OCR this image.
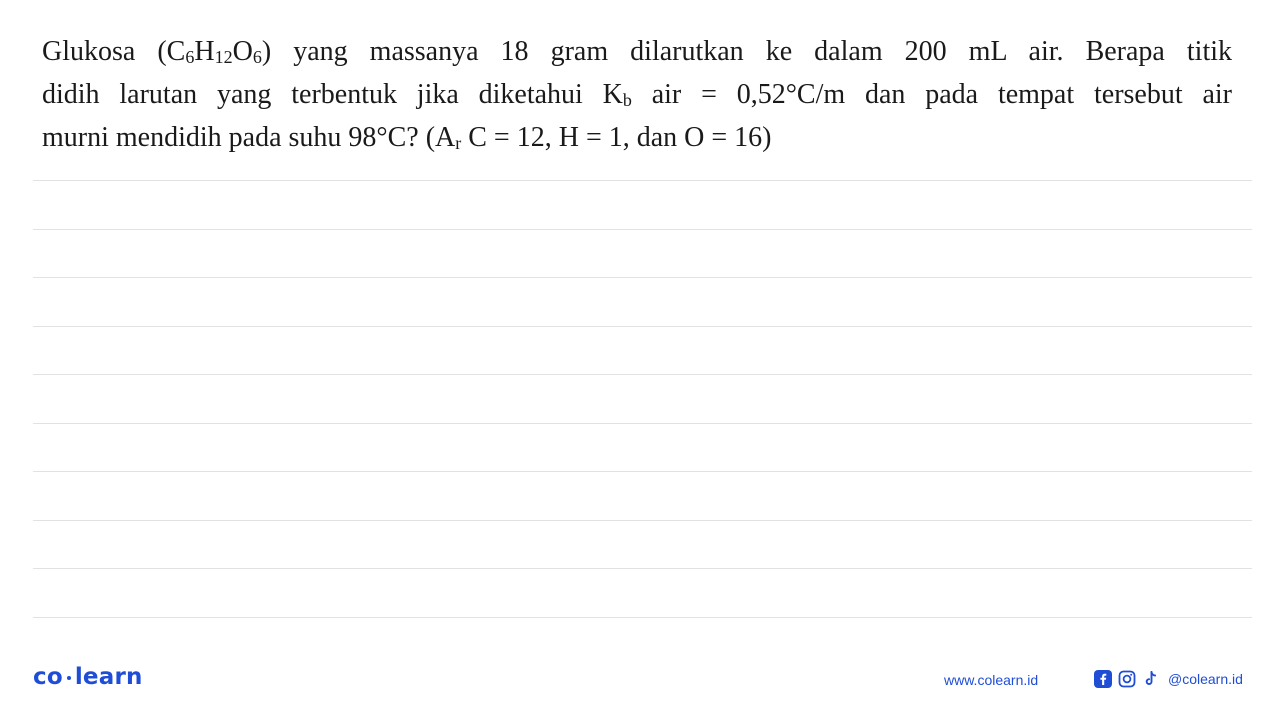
Glukosa $(C_6H_{12}O_6)$ yang massanya 18 gram dilarutkan ke dalam 200 mL air. Berapa titik
didih larutan yang terbentuk jika diketahui $K_b$ air = 0,52°C/m dan pada tempat tersebut air
murni mendidih pada suhu 98°C? ($A_r$ C = 12, H = 1, dan O = 16)
co learn	www.colearn.id	@colearn.id
